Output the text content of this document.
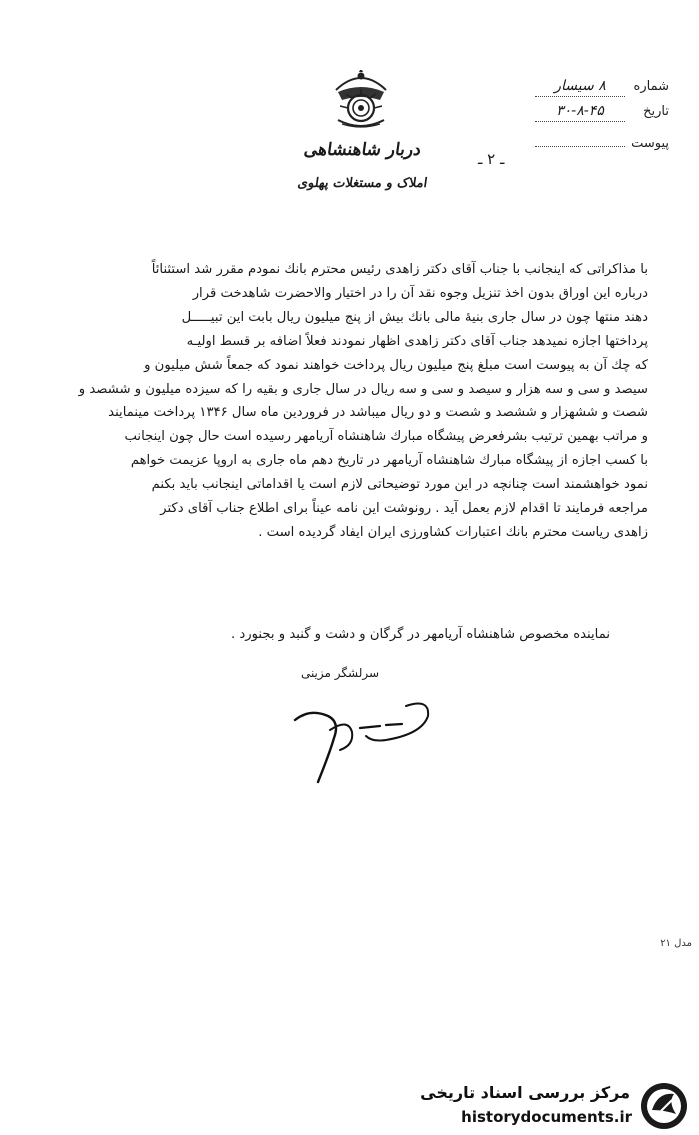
دربار شاهنشاهی
املاک و مستغلات پهلوی
ـ ۲ ـ
شماره
۸ سیسار
تاریخ
۳۰-۸-۴۵
پیوست
با مذاکراتی که اینجانب با جناب آقای دکتر زاهدی رئیس محترم بانك نمودم مقرر شد استثنائاً
درباره این اوراق بدون اخذ تنزیل وجوه نقد آن را در اختیار والاحضرت شاهدخت قرار
دهند منتها چون در سال جاری بنیۀ مالی بانك بیش از پنج میلیون ریال بابت این تبیـــــل
پرداختها اجازه نمیدهد جناب آقای دکتر زاهدی اظهار نمودند فعلاً اضافه بر قسط اولیـه
که چك آن به پیوست است مبلغ پنج میلیون ریال پرداخت خواهند نمود که جمعاً شش میلیون و
سیصد و سی و سه هزار و سیصد و سی و سه ریال در سال جاری و بقیه را که سیزده میلیون و ششصد و
شصت و ششهزار و ششصد و شصت و دو ریال میباشد در فروردین ماه سال ۱۳۴۶ پرداخت مینمایند
و مراتب بهمین ترتیب بشرفعرض پیشگاه مبارك شاهنشاه آریامهر رسیده است حال چون اینجانب
با کسب اجازه از پیشگاه مبارك شاهنشاه آریامهر در تاریخ دهم ماه جاری به اروپا عزیمت خواهم
نمود خواهشمند است چنانچه در این مورد توضیحاتی لازم است یا اقداماتی اینجانب باید بکنم
مراجعه فرمایند تا اقدام لازم بعمل آید . رونوشت این نامه عیناً برای اطلاع جناب آقای دکتر
زاهدی ریاست محترم بانك اعتبارات کشاورزی ایران ایفاد گردیده است .
نماینده مخصوص شاهنشاه آریامهر در گرگان و دشت و گنبد و بجنورد .
سرلشگر مزینی
مدل ۲۱
مرکز بررسی اسناد تاریخی
historydocuments.ir
